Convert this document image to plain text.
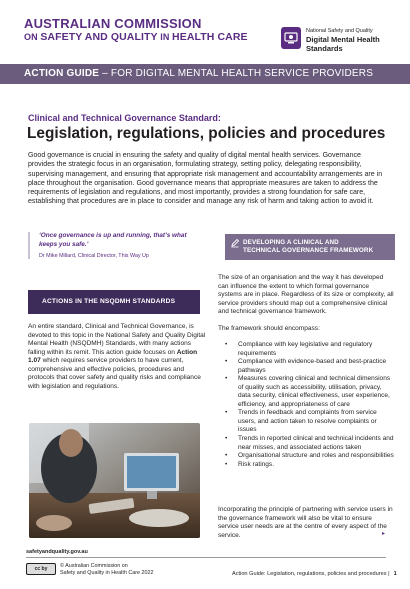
AUSTRALIAN COMMISSION
ON SAFETY AND QUALITY IN HEALTH CARE	National Safety and Quality
Digital Mental Health
Standards
ACTION GUIDE – FOR DIGITAL MENTAL HEALTH SERVICE PROVIDERS
Clinical and Technical Governance Standard:
Legislation, regulations, policies and procedures

Good governance is crucial in ensuring the safety and quality of digital mental health services. Governance provides the strategic focus in an organisation, formulating strategy, setting policy, delegating responsibility, supervising management, and ensuring that appropriate risk management and accountability arrangements are in place throughout the organisation. Good governance means that appropriate measures are taken to address the requirements of legislation and regulations, and most importantly, provides a strong foundation for safe care, establishing that procedures are in place to consider and manage any risk of harm and taking action to avoid it.

‘Once governance is up and running, that’s what keeps you safe.’
Dr Mike Millard, Clinical Director, This Way Up
ACTIONS IN THE NSQDMH STANDARDS

An entire standard, Clinical and Technical Governance, is devoted to this topic in the National Safety and Quality Digital Mental Health (NSQDMH) Standards, with many actions falling within its remit. This action guide focuses on Action 1.07 which requires service providers to have current, comprehensive and effective policies, procedures and protocols that cover safety and quality risks and compliance with legislation and regulations.

DEVELOPING A CLINICAL AND
TECHNICAL GOVERNANCE FRAMEWORK

The size of an organisation and the way it has developed can influence the extent to which formal governance systems are in place. Regardless of its size or complexity, all service providers should map out a comprehensive clinical and technical governance framework.

The framework should encompass:

• Compliance with key legislative and regulatory requirements
• Compliance with evidence-based and best-practice pathways
• Measures covering clinical and technical dimensions of quality such as accessibility, utilisation, privacy, data security, clinical effectiveness, user experience, efficiency, and appropriateness of care
• Trends in feedback and complaints from service users, and action taken to resolve complaints or issues
• Trends in reported clinical and technical incidents and near misses, and associated actions taken
• Organisational structure and roles and responsibilities
• Risk ratings.

Incorporating the principle of partnering with service users in the governance framework will also be vital to ensure service user needs are at the centre of every aspect of the service.	▸
safetyandquality.gov.au
cc by	© Australian Commission on
Safety and Quality in Health Care 2022	Action Guide: Legislation, regulations, policies and procedures | 1
